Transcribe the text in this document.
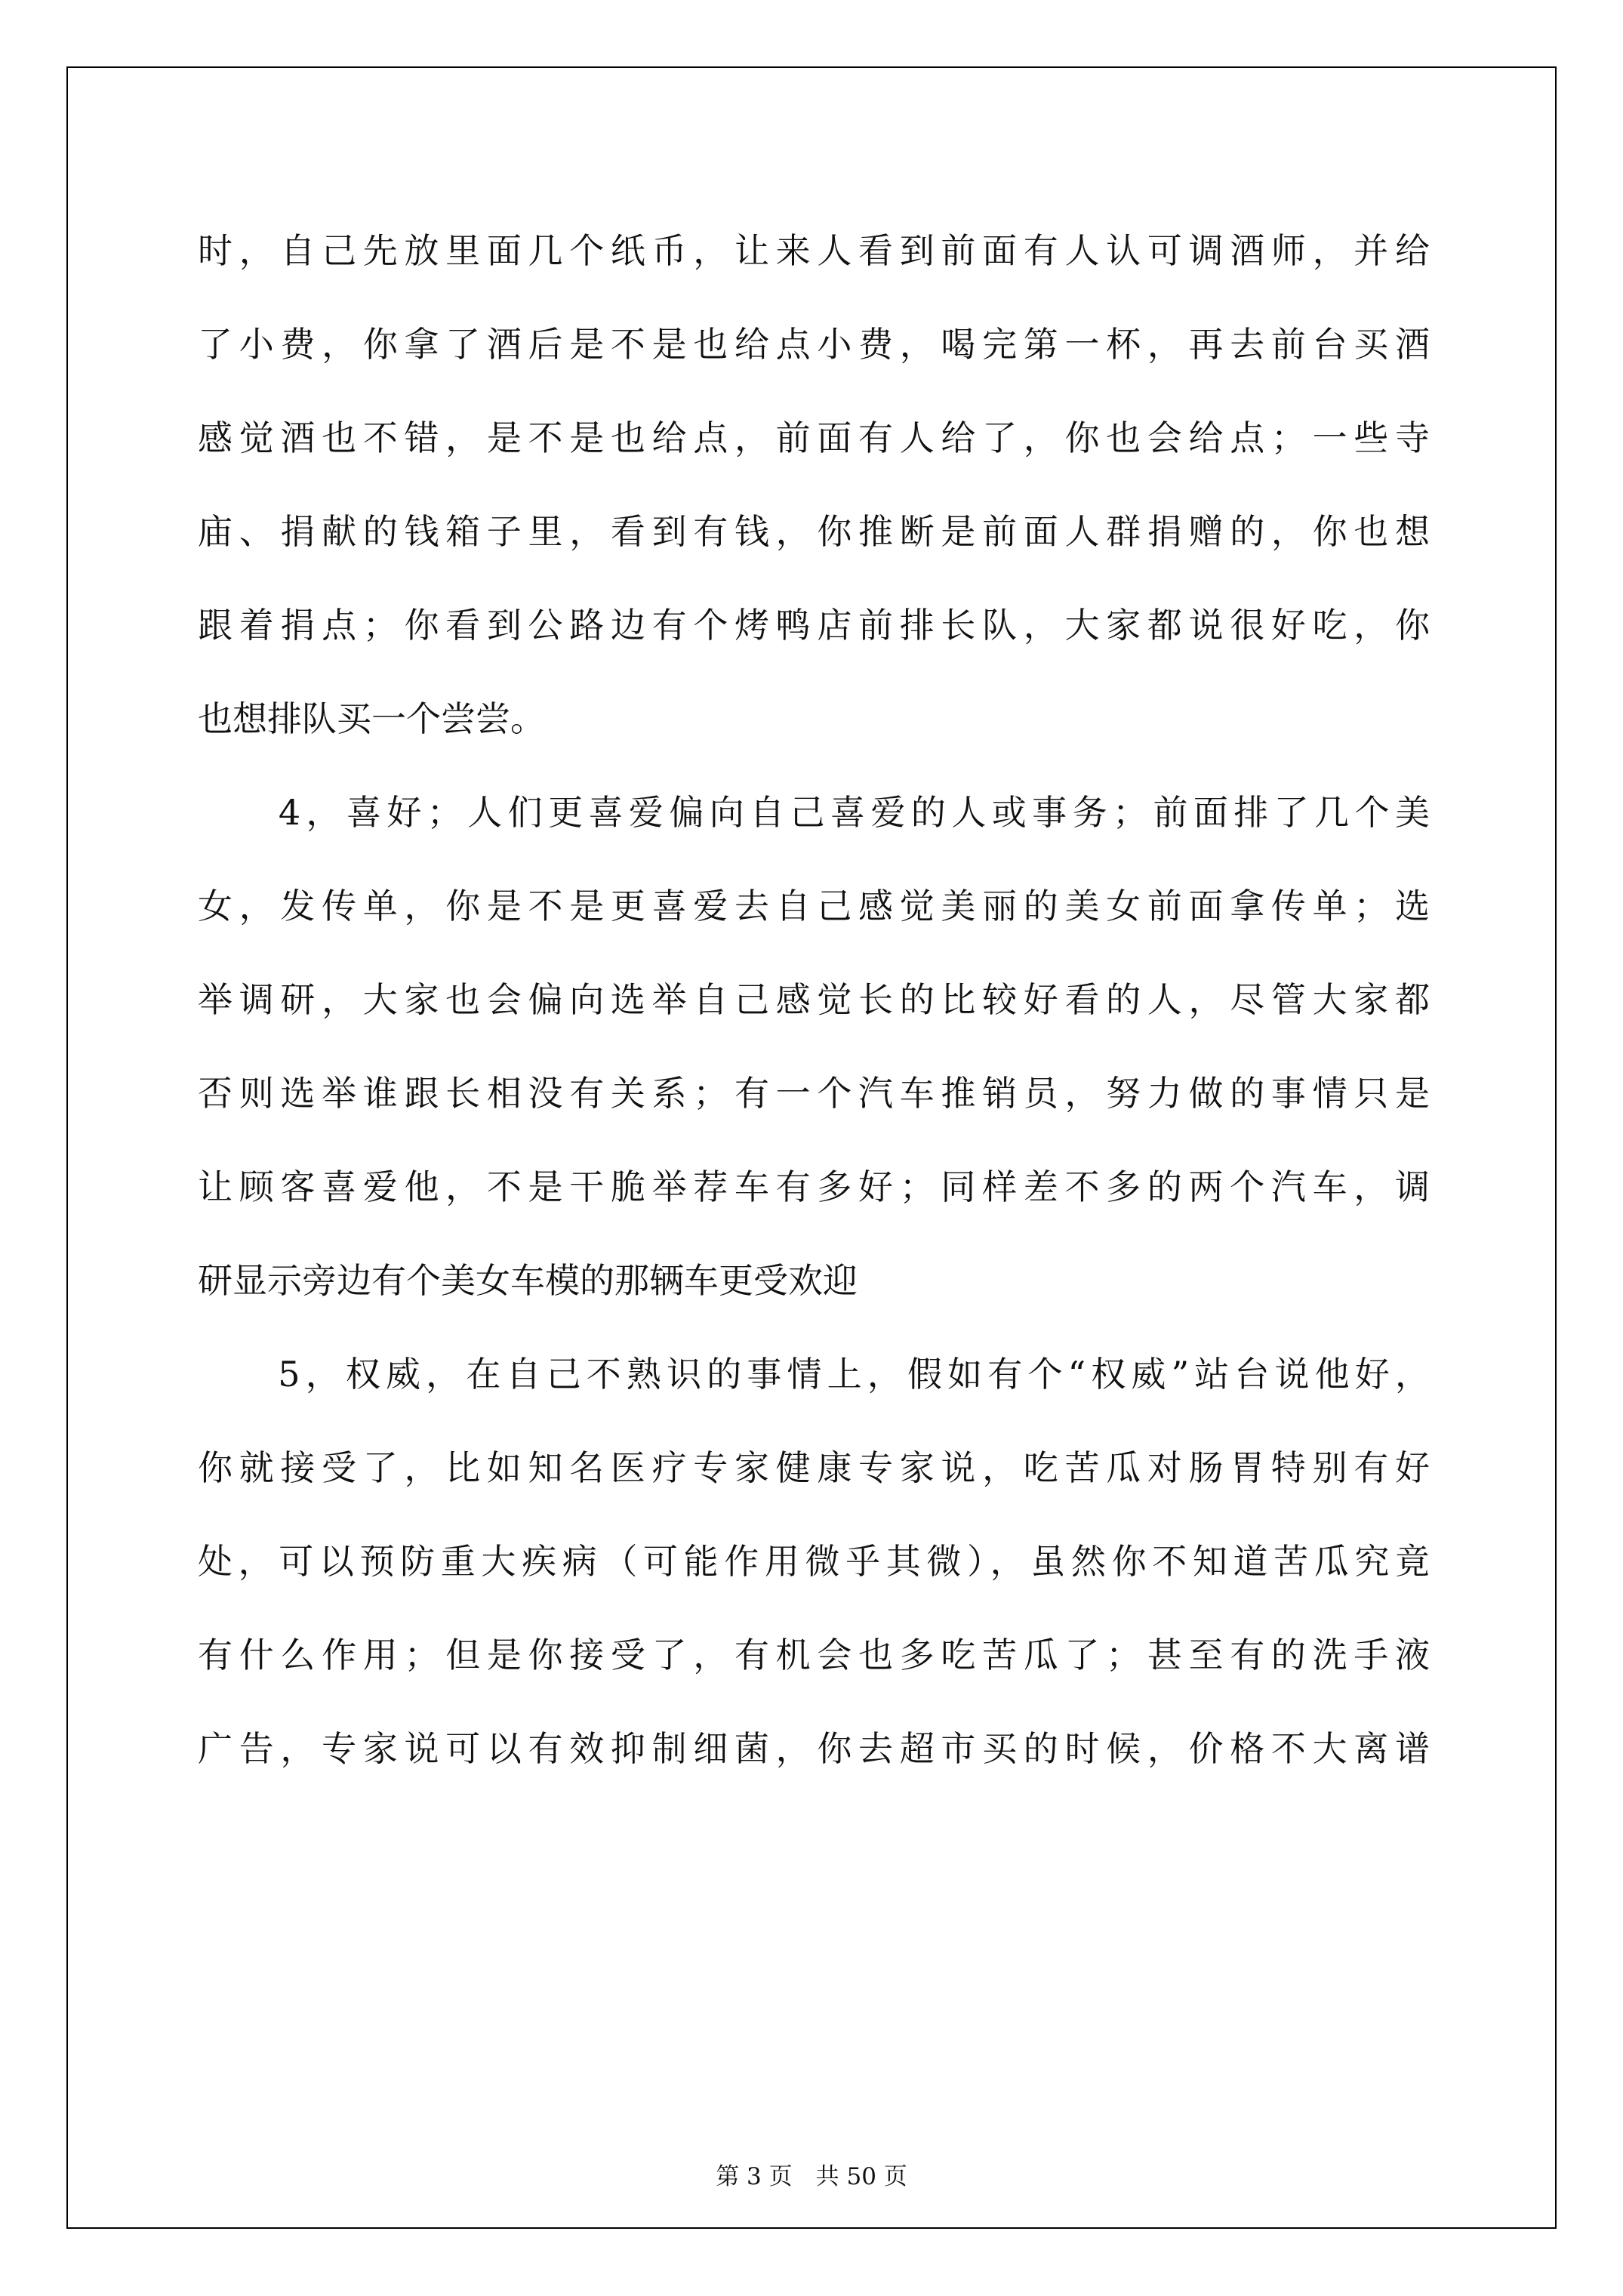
时，自己先放里面几个纸币，让来人看到前面有人认可调酒师，并给
了小费，你拿了酒后是不是也给点小费，喝完第一杯，再去前台买酒
感觉酒也不错，是不是也给点，前面有人给了，你也会给点；一些寺
庙、捐献的钱箱子里，看到有钱，你推断是前面人群捐赠的，你也想
跟着捐点；你看到公路边有个烤鸭店前排长队，大家都说很好吃，你
也想排队买一个尝尝。
　　4，喜好；人们更喜爱偏向自己喜爱的人或事务；前面排了几个美
女，发传单，你是不是更喜爱去自己感觉美丽的美女前面拿传单；选
举调研，大家也会偏向选举自己感觉长的比较好看的人，尽管大家都
否则选举谁跟长相没有关系；有一个汽车推销员，努力做的事情只是
让顾客喜爱他，不是干脆举荐车有多好；同样差不多的两个汽车，调
研显示旁边有个美女车模的那辆车更受欢迎
　　5，权威，在自己不熟识的事情上，假如有个“权威”站台说他好，
你就接受了，比如知名医疗专家健康专家说，吃苦瓜对肠胃特别有好
处，可以预防重大疾病（可能作用微乎其微），虽然你不知道苦瓜究竟
有什么作用；但是你接受了，有机会也多吃苦瓜了；甚至有的洗手液
广告，专家说可以有效抑制细菌，你去超市买的时候，价格不大离谱
第 3 页　共 50 页
